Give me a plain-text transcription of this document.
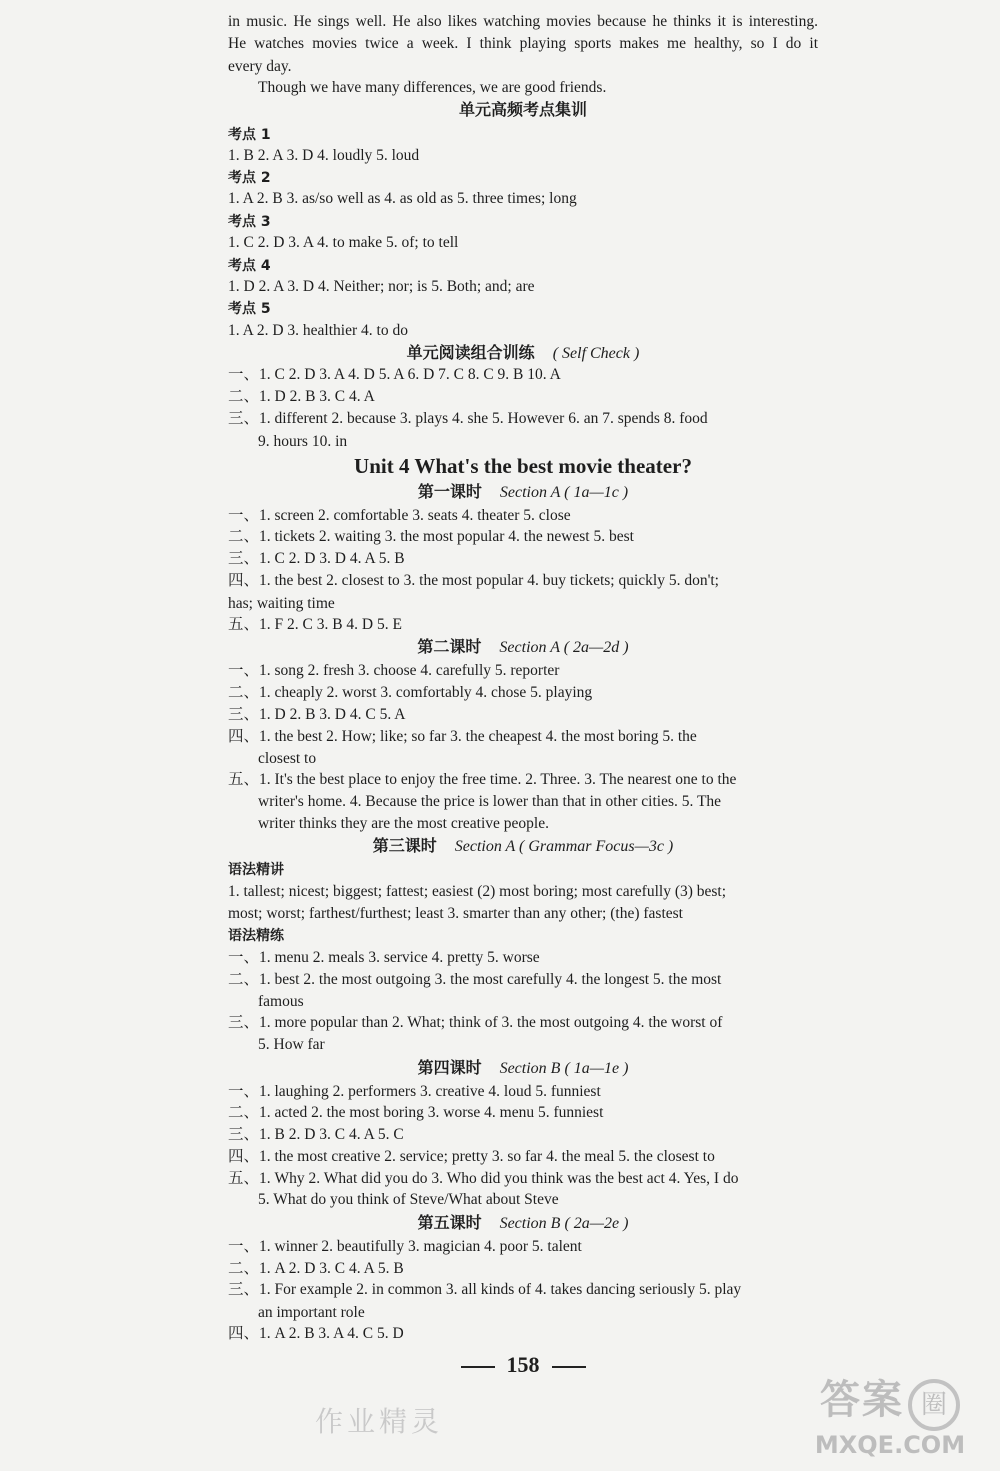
in music. He sings well. He also likes watching movies because he thinks it is interesting.
He watches movies twice a week. I think playing sports makes me healthy, so I do it
every day.
Though we have many differences, we are good friends.
单元高频考点集训
考点 1
1. B 2. A 3. D 4. loudly 5. loud
考点 2
1. A 2. B 3. as/so well as 4. as old as 5. three times; long
考点 3
1. C 2. D 3. A 4. to make 5. of; to tell
考点 4
1. D 2. A 3. D 4. Neither; nor; is 5. Both; and; are
考点 5
1. A 2. D 3. healthier 4. to do
单元阅读组合训练 ( Self Check )
一、1. C 2. D 3. A 4. D 5. A 6. D 7. C 8. C 9. B 10. A
二、1. D 2. B 3. C 4. A
三、1. different 2. because 3. plays 4. she 5. However 6. an 7. spends 8. food
9. hours 10. in
Unit 4 What's the best movie theater?
第一课时 Section A ( 1a—1c )
一、1. screen 2. comfortable 3. seats 4. theater 5. close
二、1. tickets 2. waiting 3. the most popular 4. the newest 5. best
三、1. C 2. D 3. D 4. A 5. B
四、1. the best 2. closest to 3. the most popular 4. buy tickets; quickly 5. don't;
has; waiting time
五、1. F 2. C 3. B 4. D 5. E
第二课时 Section A ( 2a—2d )
一、1. song 2. fresh 3. choose 4. carefully 5. reporter
二、1. cheaply 2. worst 3. comfortably 4. chose 5. playing
三、1. D 2. B 3. D 4. C 5. A
四、1. the best 2. How; like; so far 3. the cheapest 4. the most boring 5. the
closest to
五、1. It's the best place to enjoy the free time. 2. Three. 3. The nearest one to the
writer's home. 4. Because the price is lower than that in other cities. 5. The
writer thinks they are the most creative people.
第三课时 Section A ( Grammar Focus—3c )
语法精讲
1. tallest; nicest; biggest; fattest; easiest (2) most boring; most carefully (3) best;
most; worst; farthest/furthest; least 3. smarter than any other; (the) fastest
语法精练
一、1. menu 2. meals 3. service 4. pretty 5. worse
二、1. best 2. the most outgoing 3. the most carefully 4. the longest 5. the most
famous
三、1. more popular than 2. What; think of 3. the most outgoing 4. the worst of
5. How far
第四课时 Section B ( 1a—1e )
一、1. laughing 2. performers 3. creative 4. loud 5. funniest
二、1. acted 2. the most boring 3. worse 4. menu 5. funniest
三、1. B 2. D 3. C 4. A 5. C
四、1. the most creative 2. service; pretty 3. so far 4. the meal 5. the closest to
五、1. Why 2. What did you do 3. Who did you think was the best act 4. Yes, I do
5. What do you think of Steve/What about Steve
第五课时 Section B ( 2a—2e )
一、1. winner 2. beautifully 3. magician 4. poor 5. talent
二、1. A 2. D 3. C 4. A 5. B
三、1. For example 2. in common 3. all kinds of 4. takes dancing seriously 5. play
an important role
四、1. A 2. B 3. A 4. C 5. D
158
作业精灵	答案 圈
MXQE.COM
